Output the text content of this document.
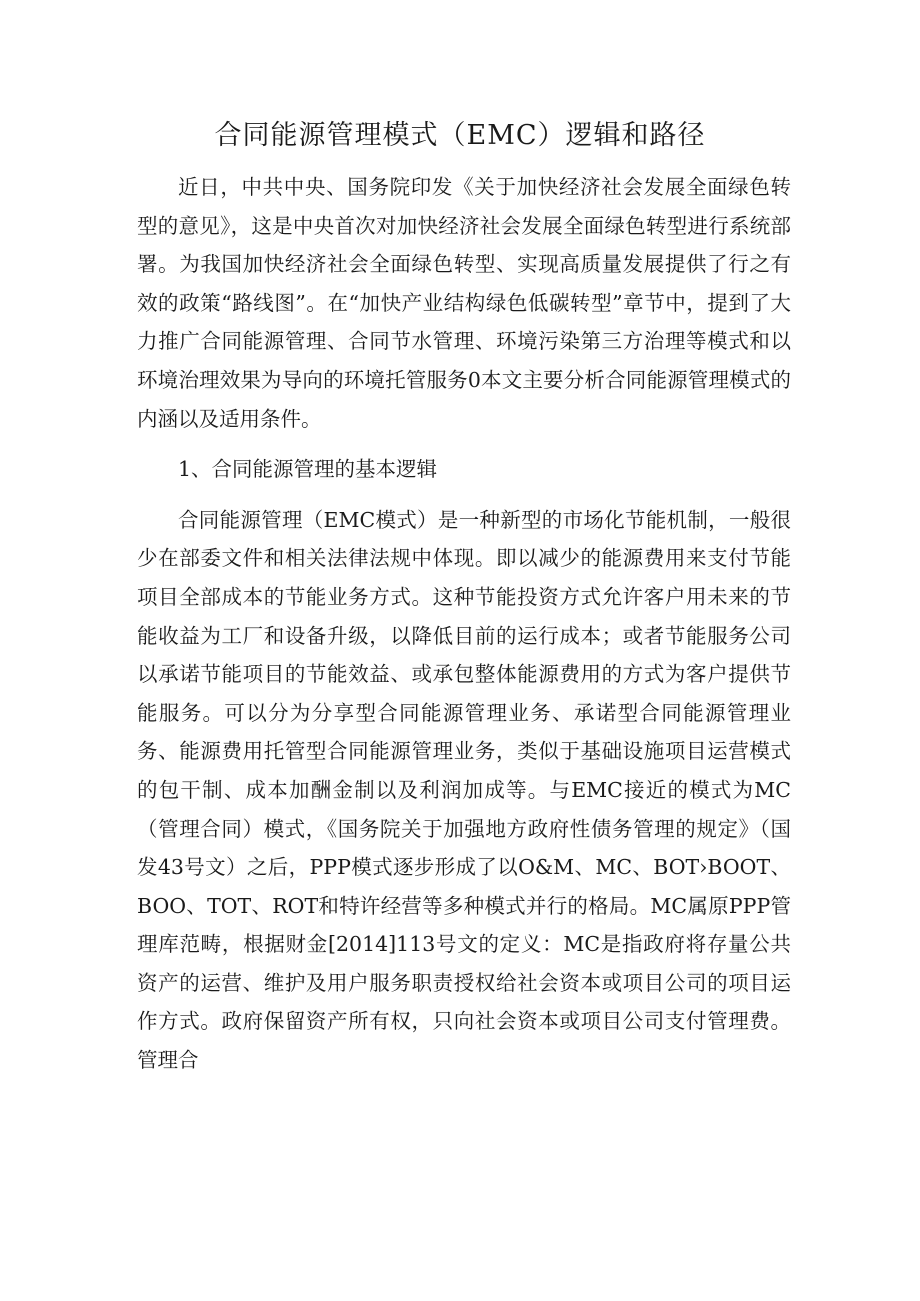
合同能源管理模式（EMC）逻辑和路径

近日，中共中央、国务院印发《关于加快经济社会发展全面绿色转型的意见》，这是中央首次对加快经济社会发展全面绿色转型进行系统部署。为我国加快经济社会全面绿色转型、实现高质量发展提供了行之有效的政策“路线图”。在“加快产业结构绿色低碳转型”章节中，提到了大力推广合同能源管理、合同节水管理、环境污染第三方治理等模式和以环境治理效果为导向的环境托管服务0本文主要分析合同能源管理模式的内涵以及适用条件。

1、合同能源管理的基本逻辑

合同能源管理（EMC模式）是一种新型的市场化节能机制，一般很少在部委文件和相关法律法规中体现。即以减少的能源费用来支付节能项目全部成本的节能业务方式。这种节能投资方式允许客户用未来的节能收益为工厂和设备升级，以降低目前的运行成本；或者节能服务公司以承诺节能项目的节能效益、或承包整体能源费用的方式为客户提供节能服务。可以分为分享型合同能源管理业务、承诺型合同能源管理业务、能源费用托管型合同能源管理业务，类似于基础设施项目运营模式的包干制、成本加酬金制以及利润加成等。与EMC接近的模式为MC（管理合同）模式，《国务院关于加强地方政府性债务管理的规定》（国发43号文）之后，PPP模式逐步形成了以O&M、MC、BOT›BOOT、BOO、TOT、ROT和特许经营等多种模式并行的格局。MC属原PPP管理库范畴，根据财金[2014]113号文的定义：MC是指政府将存量公共资产的运营、维护及用户服务职责授权给社会资本或项目公司的项目运作方式。政府保留资产所有权，只向社会资本或项目公司支付管理费。管理合
